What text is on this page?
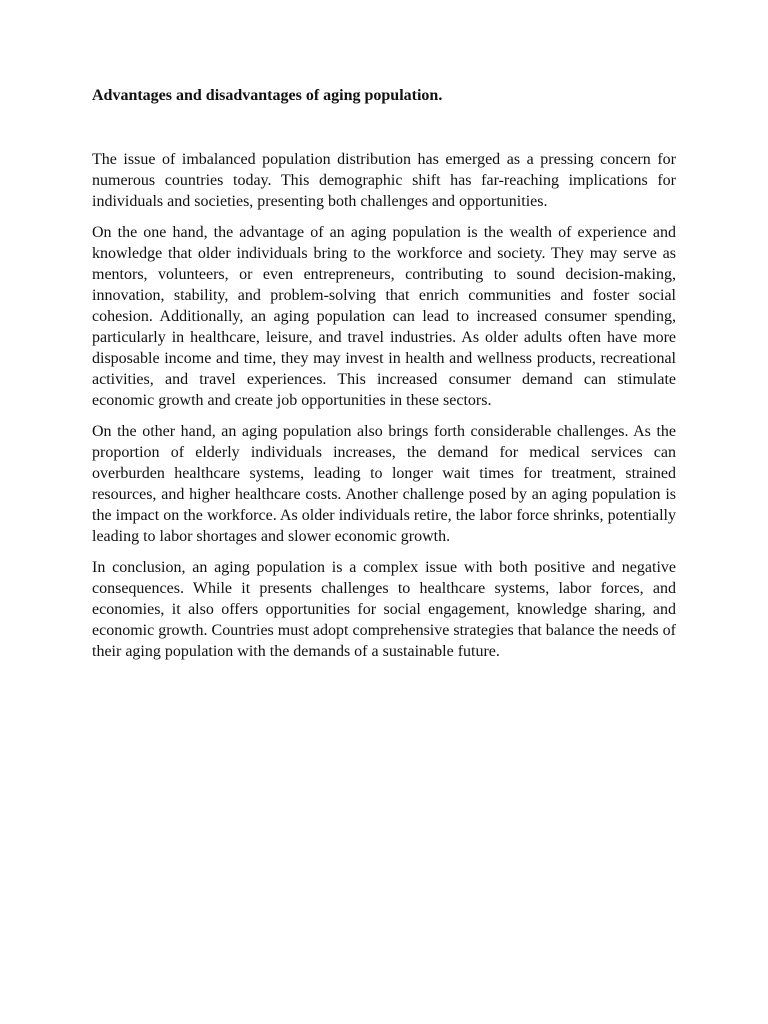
Advantages and disadvantages of aging population.

The issue of imbalanced population distribution has emerged as a pressing concern for numerous countries today. This demographic shift has far-reaching implications for individuals and societies, presenting both challenges and opportunities.

On the one hand, the advantage of an aging population is the wealth of experience and knowledge that older individuals bring to the workforce and society. They may serve as mentors, volunteers, or even entrepreneurs, contributing to sound decision-making, innovation, stability, and problem-solving that enrich communities and foster social cohesion. Additionally, an aging population can lead to increased consumer spending, particularly in healthcare, leisure, and travel industries. As older adults often have more disposable income and time, they may invest in health and wellness products, recreational activities, and travel experiences. This increased consumer demand can stimulate economic growth and create job opportunities in these sectors.

On the other hand, an aging population also brings forth considerable challenges. As the proportion of elderly individuals increases, the demand for medical services can overburden healthcare systems, leading to longer wait times for treatment, strained resources, and higher healthcare costs. Another challenge posed by an aging population is the impact on the workforce. As older individuals retire, the labor force shrinks, potentially leading to labor shortages and slower economic growth.

In conclusion, an aging population is a complex issue with both positive and negative consequences. While it presents challenges to healthcare systems, labor forces, and economies, it also offers opportunities for social engagement, knowledge sharing, and economic growth. Countries must adopt comprehensive strategies that balance the needs of their aging population with the demands of a sustainable future.
